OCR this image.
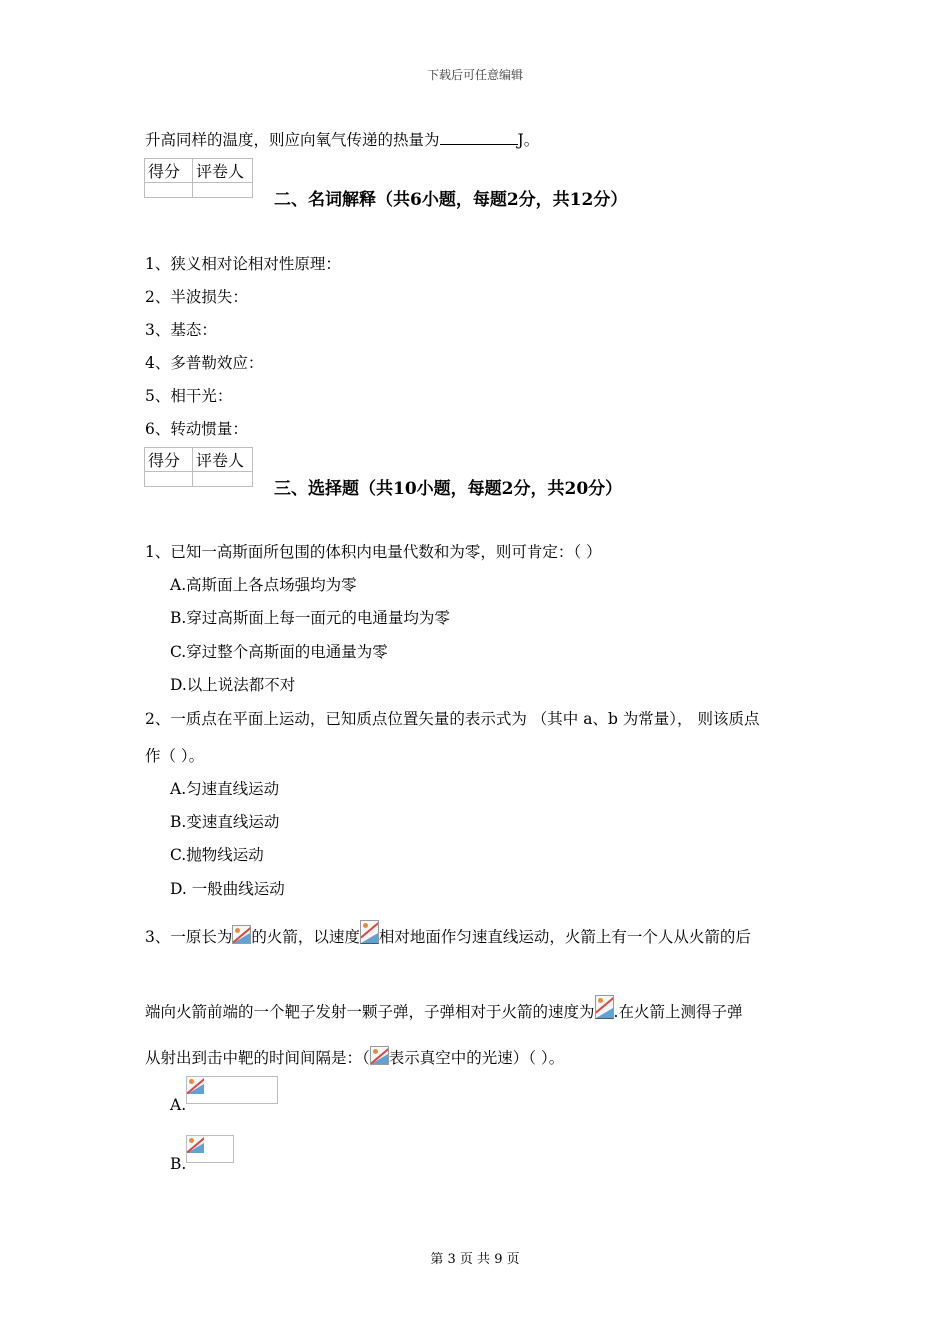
下载后可任意编辑
升高同样的温度，则应向氧气传递的热量为	J。
得分	评卷人

二、名词解释（共6小题，每题2分，共12分）
1、狭义相对论相对性原理：
2、半波损失：
3、基态：
4、多普勒效应：
5、相干光：
6、转动惯量：
得分	评卷人

三、选择题（共10小题，每题2分，共20分）
1、已知一高斯面所包围的体积内电量代数和为零，则可肯定：（ ）
A.高斯面上各点场强均为零
B.穿过高斯面上每一面元的电通量均为零
C.穿过整个高斯面的电通量为零
D.以上说法都不对
2、一质点在平面上运动，已知质点位置矢量的表示式为 （其中 a、b 为常量）， 则该质点
作（ ）。
A.匀速直线运动
B.变速直线运动
C.抛物线运动
D. 一般曲线运动
3、一原长为 的火箭，以速度 相对地面作匀速直线运动，火箭上有一个人从火箭的后
端向火箭前端的一个靶子发射一颗子弹，子弹相对于火箭的速度为 .在火箭上测得子弹
从射出到击中靶的时间间隔是：（ 表示真空中的光速）（ ）。
A.
B.
第 3 页 共 9 页
